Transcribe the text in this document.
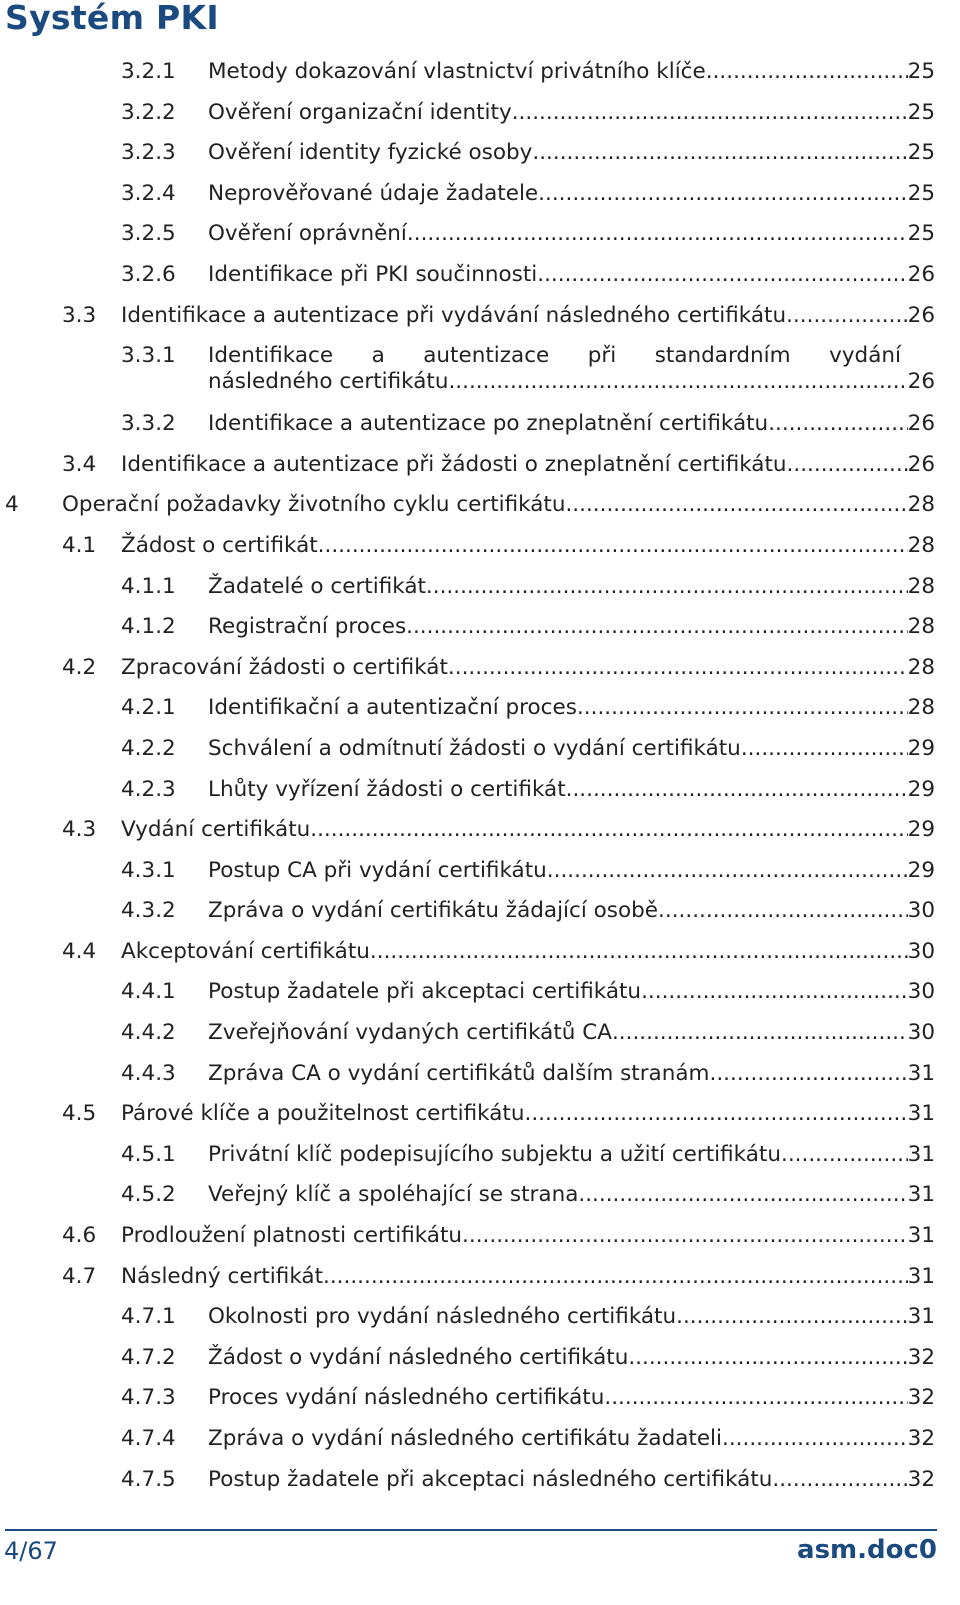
Systém PKI
3.2.1 Metody dokazování vlastnictví privátního klíče .....	25
3.2.2 Ověření organizační identity .....	25
3.2.3 Ověření identity fyzické osoby .....	25
3.2.4 Neprověřované údaje žadatele .....	25
3.2.5 Ověření oprávnění .....	25
3.2.6 Identifikace při PKI součinnosti .....	26
3.3 Identifikace a autentizace při vydávání následného certifikátu .....	26
3.3.1 Identifikace a autentizace při standardním vydání
následného certifikátu .....	26
3.3.2 Identifikace a autentizace po zneplatnění certifikátu .....	26
3.4 Identifikace a autentizace při žádosti o zneplatnění certifikátu .....	26
4 Operační požadavky životního cyklu certifikátu .....	28
4.1 Žádost o certifikát .....	28
4.1.1 Žadatelé o certifikát .....	28
4.1.2 Registrační proces .....	28
4.2 Zpracování žádosti o certifikát .....	28
4.2.1 Identifikační a autentizační proces .....	28
4.2.2 Schválení a odmítnutí žádosti o vydání certifikátu .....	29
4.2.3 Lhůty vyřízení žádosti o certifikát .....	29
4.3 Vydání certifikátu .....	29
4.3.1 Postup CA při vydání certifikátu .....	29
4.3.2 Zpráva o vydání certifikátu žádající osobě .....	30
4.4 Akceptování certifikátu .....	30
4.4.1 Postup žadatele při akceptaci certifikátu .....	30
4.4.2 Zveřejňování vydaných certifikátů CA .....	30
4.4.3 Zpráva CA o vydání certifikátů dalším stranám .....	31
4.5 Párové klíče a použitelnost certifikátu .....	31
4.5.1 Privátní klíč podepisujícího subjektu a užití certifikátu .....	31
4.5.2 Veřejný klíč a spoléhající se strana .....	31
4.6 Prodloužení platnosti certifikátu .....	31
4.7 Následný certifikát .....	31
4.7.1 Okolnosti pro vydání následného certifikátu .....	31
4.7.2 Žádost o vydání následného certifikátu .....	32
4.7.3 Proces vydání následného certifikátu .....	32
4.7.4 Zpráva o vydání následného certifikátu žadateli .....	32
4.7.5 Postup žadatele při akceptaci následného certifikátu .....	32
4/67	asm.doc0
